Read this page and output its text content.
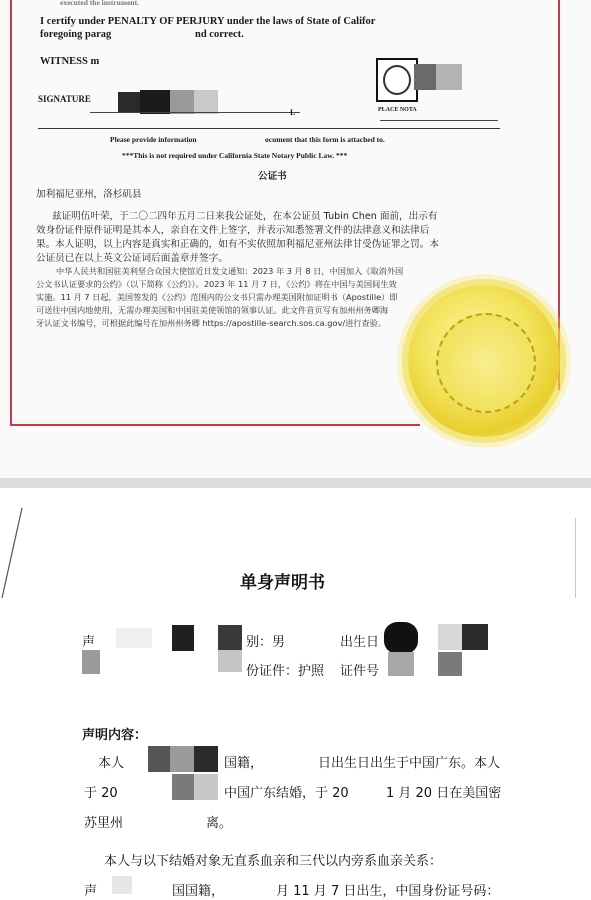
executed the instrument.
I certify under PENALTY OF PERJURY under the laws of State of Califor
foregoing parag	nd correct.
WITNESS m
SIGNATURE
L	PLACE NOTA
Please provide information	ocument that this form is attached to.
***This is not required under California State Notary Public Law. ***
公证书
加利福尼亚州，洛杉矶县
兹证明伍叶荣，于二〇二四年五月二日来我公证处，在本公证员 Tubin Chen 面前，出示有
效身份证件原件证明是其本人，亲自在文件上签字，并表示知悉签署文件的法律意义和法律后
果。本人证明，以上内容是真实和正确的，如有不实依照加利福尼亚州法律甘受伪证罪之罚。本
公证员已在以上英文公证词后面盖章并签字。
中华人民共和国驻美利坚合众国大使馆近日发文通知：2023 年 3 月 8 日，中国加入《取消外国
公文书认证要求的公约》（以下简称《公约》）。2023 年 11 月 7 日，《公约》将在中国与美国间生效
实施。11 月 7 日起，美国签发的《公约》范围内的公文书只需办理美国附加证明书（Apostille）即
可送往中国内地使用，无需办理美国和中国驻美使领馆的领事认证。此文件首页写有加州州务卿海
牙认证文书编号，可根据此编号在加州州务卿 https://apostille-search.sos.ca.gov/进行查验。
单身声明书
声	别：男	出生日
份证件：护照 证件号
声明内容：
本人	国籍，	日出生日出生于中国广东。本人
于 20	中国广东结婚，于 20	1 月 20 日在美国密
苏里州	离。
本人与以下结婚对象无直系血亲和三代以内旁系血亲关系：
声	国国籍，	月 11 月 7 日出生，中国身份证号码：
